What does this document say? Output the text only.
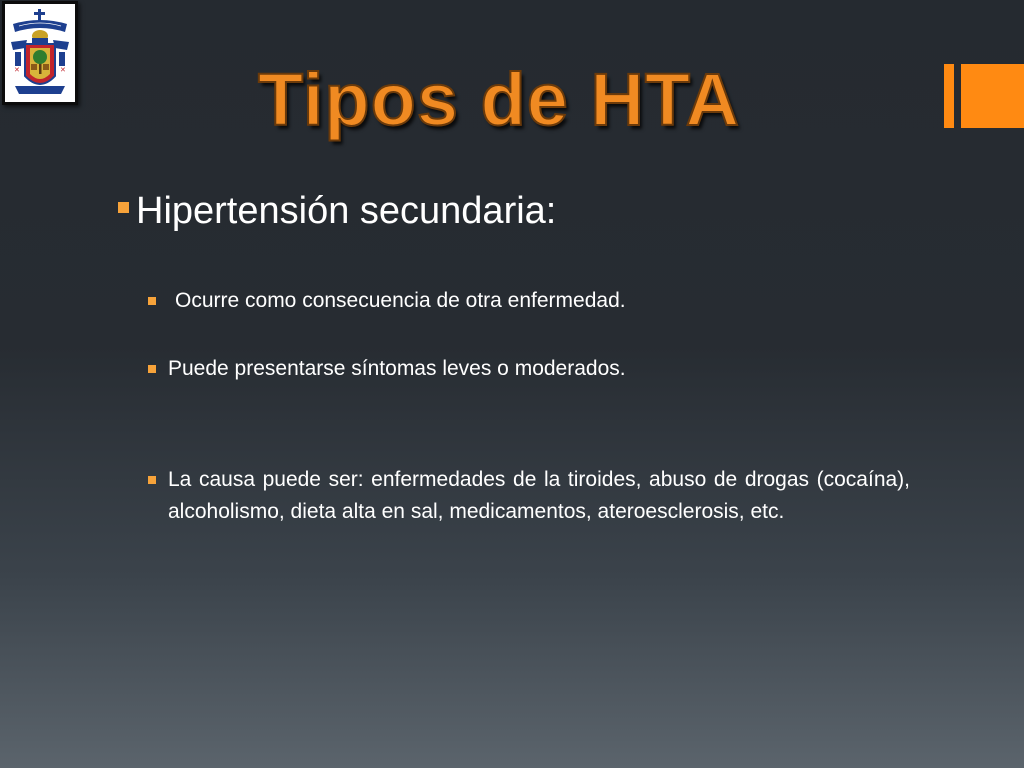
✕	✕	Tipos de HTA
Hipertensión secundaria:
Ocurre como consecuencia de otra enfermedad.
Puede presentarse síntomas leves o moderados.
La causa puede ser: enfermedades de la tiroides, abuso de drogas (cocaína), alcoholismo, dieta alta en sal, medicamentos, ateroesclerosis, etc.
